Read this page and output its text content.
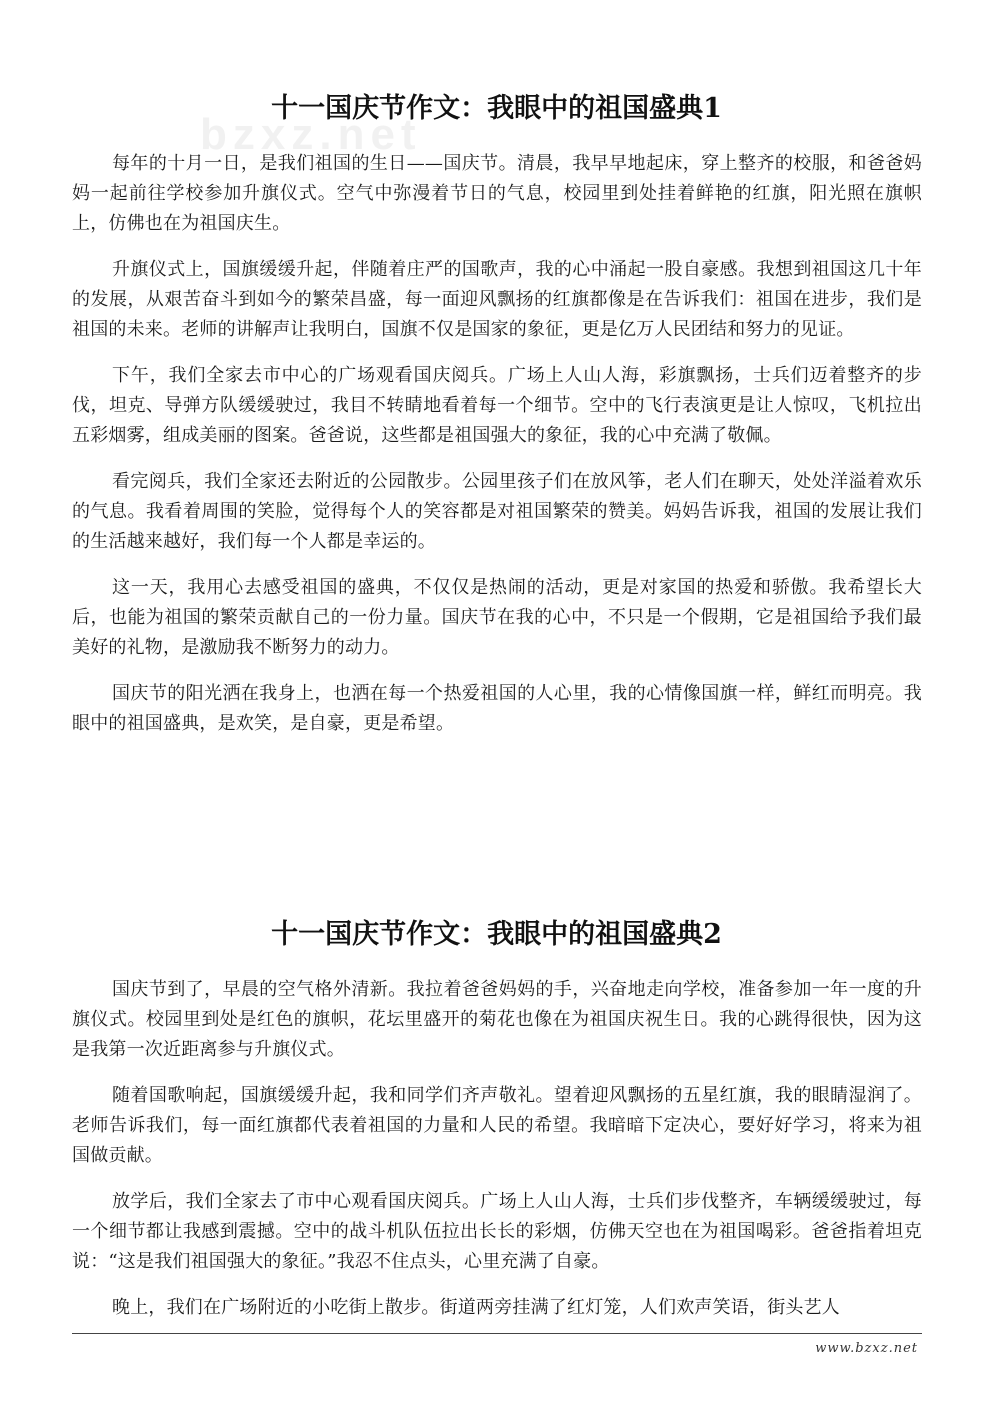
bzxz.net
十一国庆节作文：我眼中的祖国盛典1

每年的十月一日，是我们祖国的生日——国庆节。清晨，我早早地起床，穿上整齐的校服，和爸爸妈妈一起前往学校参加升旗仪式。空气中弥漫着节日的气息，校园里到处挂着鲜艳的红旗，阳光照在旗帜上，仿佛也在为祖国庆生。

升旗仪式上，国旗缓缓升起，伴随着庄严的国歌声，我的心中涌起一股自豪感。我想到祖国这几十年的发展，从艰苦奋斗到如今的繁荣昌盛，每一面迎风飘扬的红旗都像是在告诉我们：祖国在进步，我们是祖国的未来。老师的讲解声让我明白，国旗不仅是国家的象征，更是亿万人民团结和努力的见证。

下午，我们全家去市中心的广场观看国庆阅兵。广场上人山人海，彩旗飘扬，士兵们迈着整齐的步伐，坦克、导弹方队缓缓驶过，我目不转睛地看着每一个细节。空中的飞行表演更是让人惊叹，飞机拉出五彩烟雾，组成美丽的图案。爸爸说，这些都是祖国强大的象征，我的心中充满了敬佩。

看完阅兵，我们全家还去附近的公园散步。公园里孩子们在放风筝，老人们在聊天，处处洋溢着欢乐的气息。我看着周围的笑脸，觉得每个人的笑容都是对祖国繁荣的赞美。妈妈告诉我，祖国的发展让我们的生活越来越好，我们每一个人都是幸运的。

这一天，我用心去感受祖国的盛典，不仅仅是热闹的活动，更是对家国的热爱和骄傲。我希望长大后，也能为祖国的繁荣贡献自己的一份力量。国庆节在我的心中，不只是一个假期，它是祖国给予我们最美好的礼物，是激励我不断努力的动力。

国庆节的阳光洒在我身上，也洒在每一个热爱祖国的人心里，我的心情像国旗一样，鲜红而明亮。我眼中的祖国盛典，是欢笑，是自豪，更是希望。

十一国庆节作文：我眼中的祖国盛典2

国庆节到了，早晨的空气格外清新。我拉着爸爸妈妈的手，兴奋地走向学校，准备参加一年一度的升旗仪式。校园里到处是红色的旗帜，花坛里盛开的菊花也像在为祖国庆祝生日。我的心跳得很快，因为这是我第一次近距离参与升旗仪式。

随着国歌响起，国旗缓缓升起，我和同学们齐声敬礼。望着迎风飘扬的五星红旗，我的眼睛湿润了。老师告诉我们，每一面红旗都代表着祖国的力量和人民的希望。我暗暗下定决心，要好好学习，将来为祖国做贡献。

放学后，我们全家去了市中心观看国庆阅兵。广场上人山人海，士兵们步伐整齐，车辆缓缓驶过，每一个细节都让我感到震撼。空中的战斗机队伍拉出长长的彩烟，仿佛天空也在为祖国喝彩。爸爸指着坦克说：“这是我们祖国强大的象征。”我忍不住点头，心里充满了自豪。

晚上，我们在广场附近的小吃街上散步。街道两旁挂满了红灯笼，人们欢声笑语，街头艺人

www.bzxz.net
